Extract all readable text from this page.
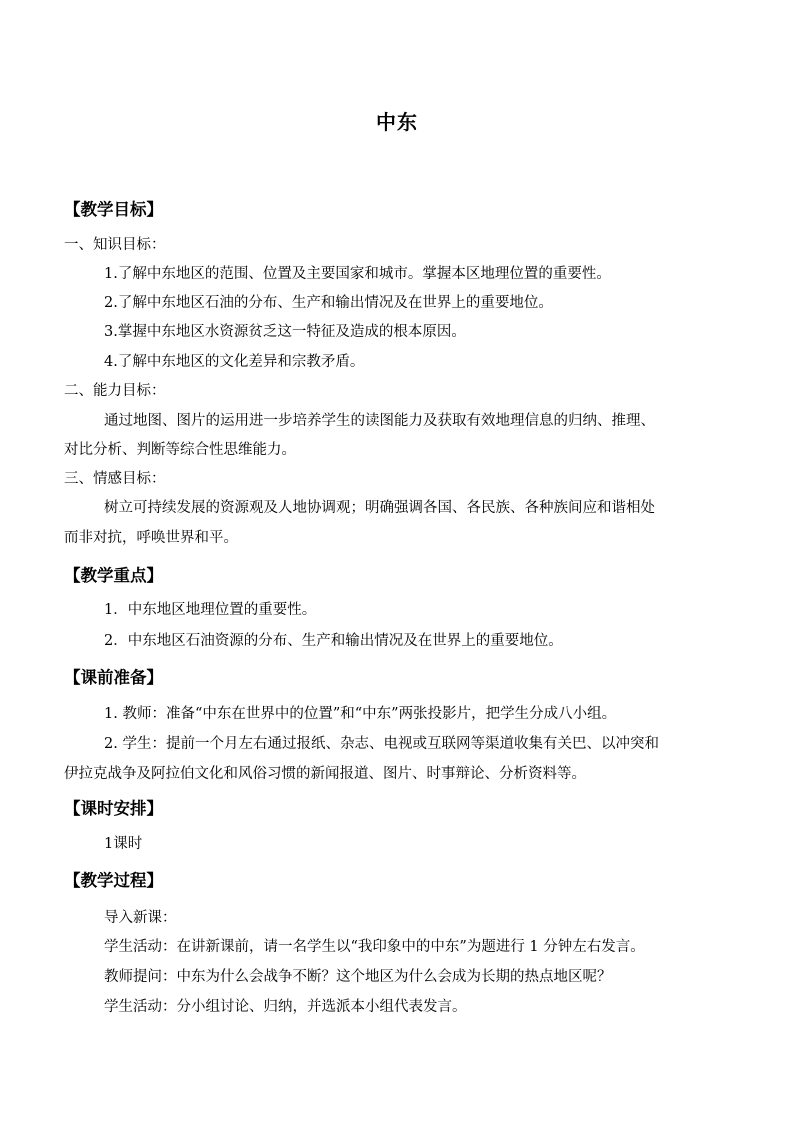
中东
【教学目标】
一、知识目标：
1.了解中东地区的范围、位置及主要国家和城市。掌握本区地理位置的重要性。
2.了解中东地区石油的分布、生产和输出情况及在世界上的重要地位。
3.掌握中东地区水资源贫乏这一特征及造成的根本原因。
4.了解中东地区的文化差异和宗教矛盾。
二、能力目标：
通过地图、图片的运用进一步培养学生的读图能力及获取有效地理信息的归纳、推理、
对比分析、判断等综合性思维能力。
三、情感目标：
树立可持续发展的资源观及人地协调观；明确强调各国、各民族、各种族间应和谐相处
而非对抗，呼唤世界和平。
【教学重点】
1．中东地区地理位置的重要性。
2．中东地区石油资源的分布、生产和输出情况及在世界上的重要地位。
【课前准备】
1. 教师：准备“中东在世界中的位置”和“中东”两张投影片，把学生分成八小组。
2. 学生：提前一个月左右通过报纸、杂志、电视或互联网等渠道收集有关巴、以冲突和
伊拉克战争及阿拉伯文化和风俗习惯的新闻报道、图片、时事辩论、分析资料等。
【课时安排】
1课时
【教学过程】
导入新课：
学生活动：在讲新课前，请一名学生以“我印象中的中东”为题进行 1 分钟左右发言。
教师提问：中东为什么会战争不断？这个地区为什么会成为长期的热点地区呢？
学生活动：分小组讨论、归纳，并选派本小组代表发言。
